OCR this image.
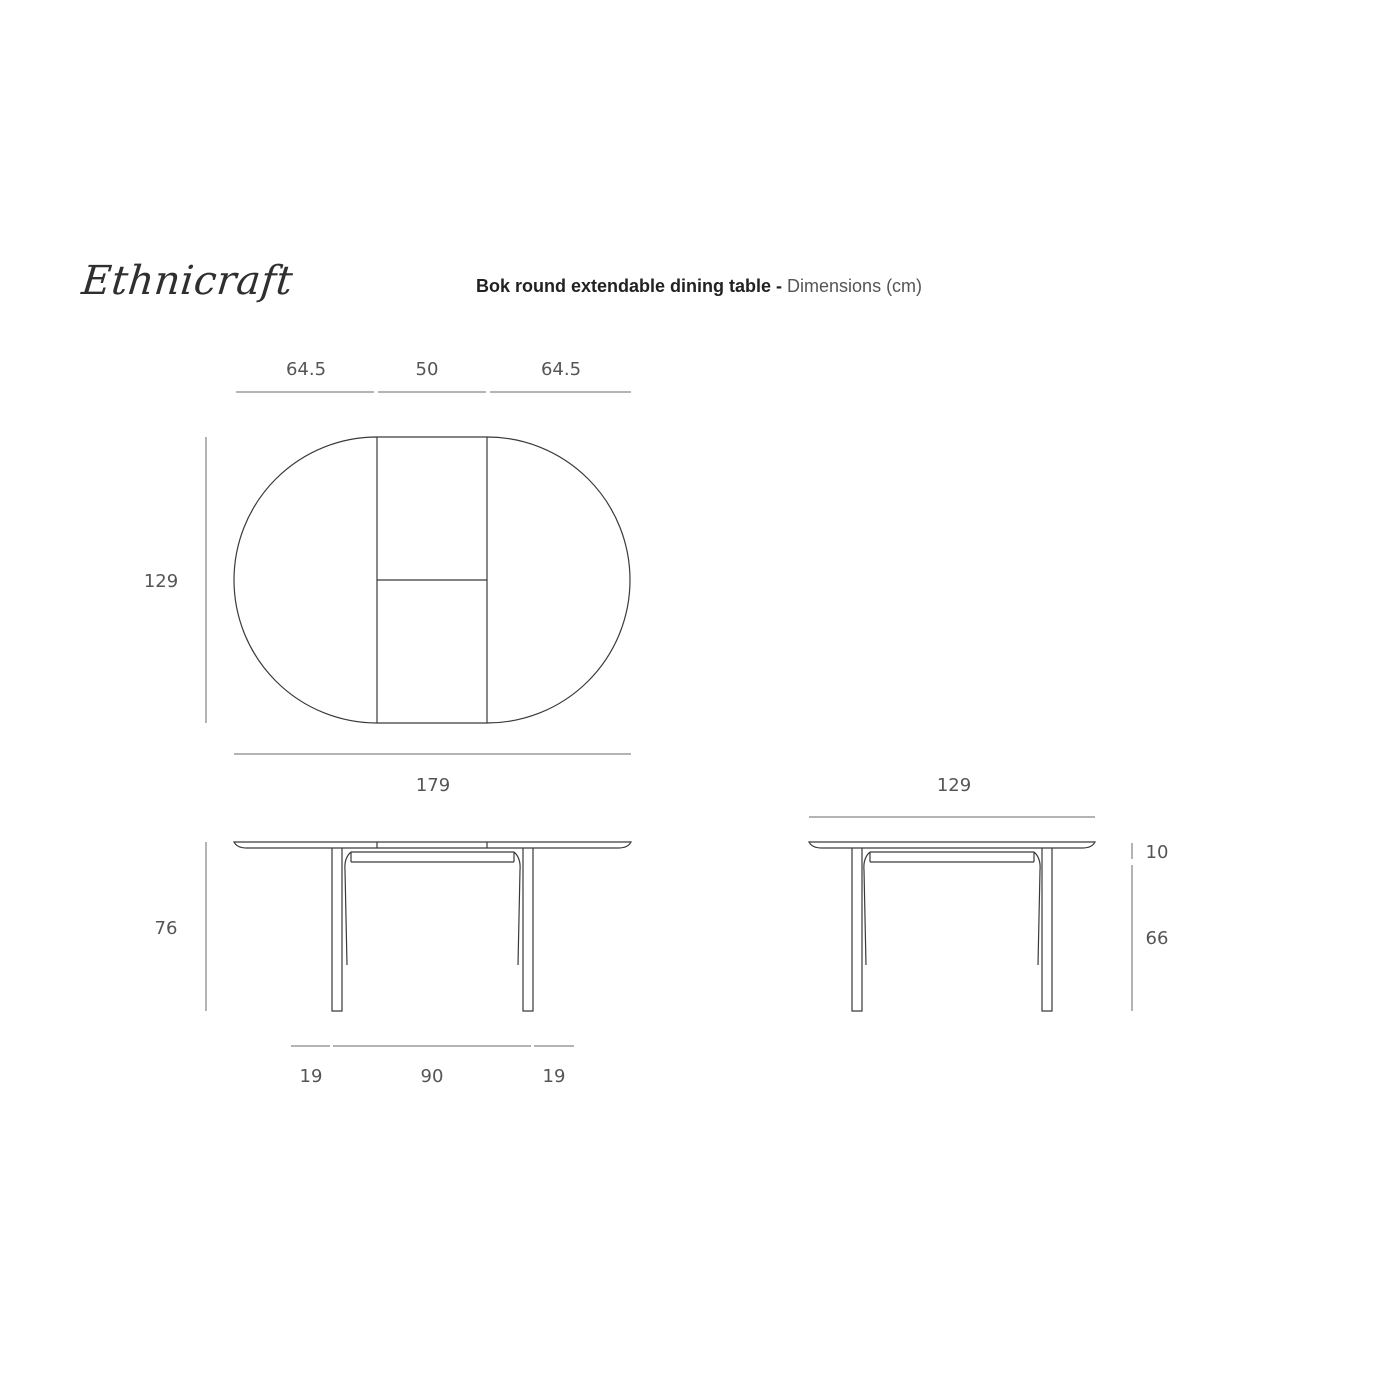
Ethnicraft	Bok round extendable dining table - Dimensions (cm)
64.5	50	64.5
129
179
76
19	90	19
129
10
66
